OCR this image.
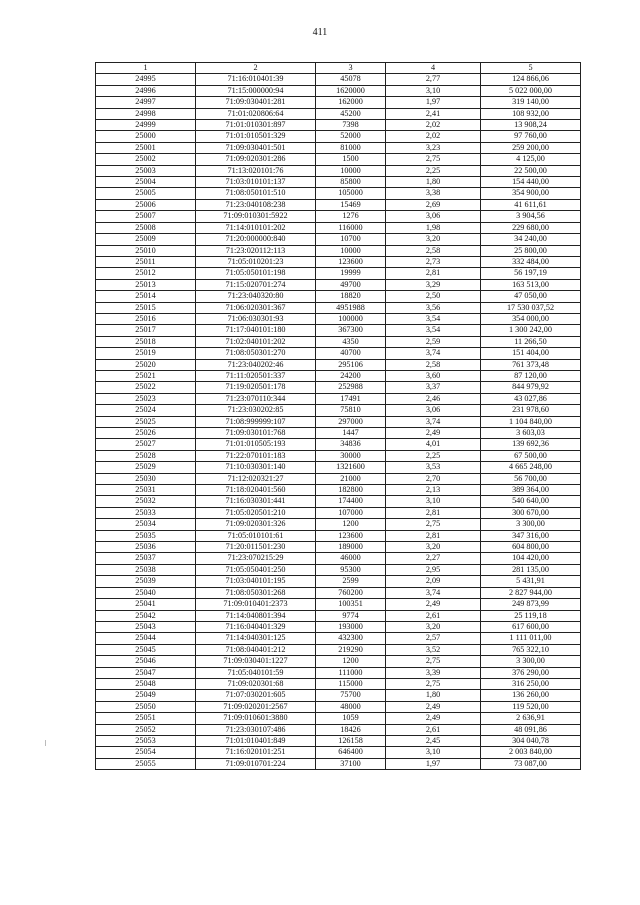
411
1	2	3	4	5
24995	71:16:010401:39	45078	2,77	124 866,06
24996	71:15:000000:94	1620000	3,10	5 022 000,00
24997	71:09:030401:281	162000	1,97	319 140,00
24998	71:01:020806:64	45200	2,41	108 932,00
24999	71:01:010301:897	7398	2,02	13 908,24
25000	71:01:010501:329	52000	2,02	97 760,00
25001	71:09:030401:501	81000	3,23	259 200,00
25002	71:09:020301:286	1500	2,75	4 125,00
25003	71:13:020101:76	10000	2,25	22 500,00
25004	71:03:010101:137	85800	1,80	154 440,00
25005	71:08:050101:510	105000	3,38	354 900,00
25006	71:23:040108:238	15469	2,69	41 611,61
25007	71:09:010301:5922	1276	3,06	3 904,56
25008	71:14:010101:202	116000	1,98	229 680,00
25009	71:20:000000:840	10700	3,20	34 240,00
25010	71:23:020112:113	10000	2,58	25 800,00
25011	71:05:010201:23	123600	2,73	332 484,00
25012	71:05:050101:198	19999	2,81	56 197,19
25013	71:15:020701:274	49700	3,29	163 513,00
25014	71:23:040320:80	18820	2,50	47 050,00
25015	71:06:020301:367	4951988	3,56	17 530 037,52
25016	71:06:030301:93	100000	3,54	354 000,00
25017	71:17:040101:180	367300	3,54	1 300 242,00
25018	71:02:040101:202	4350	2,59	11 266,50
25019	71:08:050301:270	40700	3,74	151 404,00
25020	71:23:040202:46	295106	2,58	761 373,48
25021	71:11:020501:337	24200	3,60	87 120,00
25022	71:19:020501:178	252988	3,37	844 979,92
25023	71:23:070110:344	17491	2,46	43 027,86
25024	71:23:030202:85	75810	3,06	231 978,60
25025	71:08:999999:107	297000	3,74	1 104 840,00
25026	71:09:030101:768	1447	2,49	3 603,03
25027	71:01:010505:193	34836	4,01	139 692,36
25028	71:22:070101:183	30000	2,25	67 500,00
25029	71:10:030301:140	1321600	3,53	4 665 248,00
25030	71:12:020321:27	21000	2,70	56 700,00
25031	71:18:020401:560	182800	2,13	389 364,00
25032	71:16:030301:441	174400	3,10	540 640,00
25033	71:05:020501:210	107000	2,81	300 670,00
25034	71:09:020301:326	1200	2,75	3 300,00
25035	71:05:010101:61	123600	2,81	347 316,00
25036	71:20:011501:230	189000	3,20	604 800,00
25037	71:23:070215:29	46000	2,27	104 420,00
25038	71:05:050401:250	95300	2,95	281 135,00
25039	71:03:040101:195	2599	2,09	5 431,91
25040	71:08:050301:268	760200	3,74	2 827 944,00
25041	71:09:010401:2373	100351	2,49	249 873,99
25042	71:14:040801:394	9774	2,61	25 119,18
25043	71:16:040401:329	193000	3,20	617 600,00
25044	71:14:040301:125	432300	2,57	1 111 011,00
25045	71:08:040401:212	219290	3,52	765 322,10
25046	71:09:030401:1227	1200	2,75	3 300,00
25047	71:05:040101:59	111000	3,39	376 290,00
25048	71:09:020301:68	115000	2,75	316 250,00
25049	71:07:030201:605	75700	1,80	136 260,00
25050	71:09:020201:2567	48000	2,49	119 520,00
25051	71:09:010601:3880	1059	2,49	2 636,91
25052	71:23:030107:486	18426	2,61	48 091,86
25053	71:01:010401:849	126158	2,45	304 040,78
25054	71:16:020101:251	646400	3,10	2 003 840,00
25055	71:09:010701:224	37100	1,97	73 087,00
